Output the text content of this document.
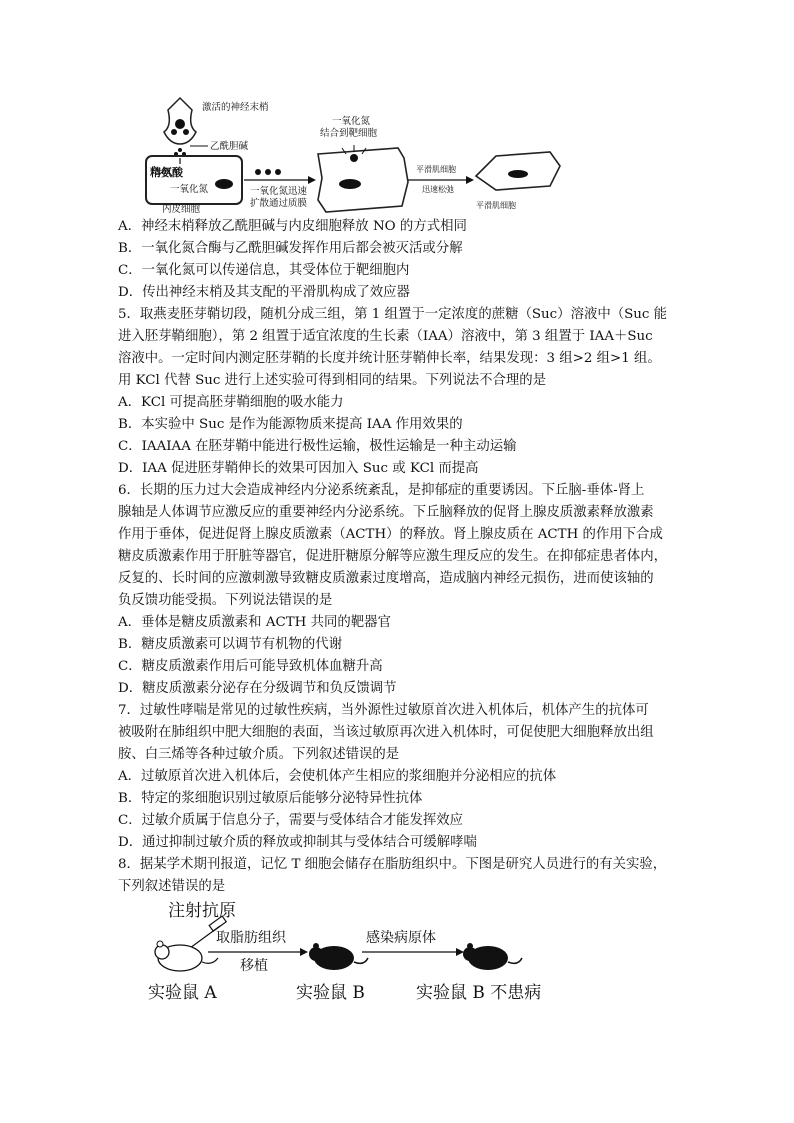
激活的神经末梢
乙酰胆碱
精氨酸
一氧化氮
内皮细胞
一氧化氮迅速
扩散通过质膜
一氧化氮
结合到靶细胞
平滑肌细胞
迅速松弛
平滑肌细胞
A．神经末梢释放乙酰胆碱与内皮细胞释放 NO 的方式相同
B．一氧化氮合酶与乙酰胆碱发挥作用后都会被灭活或分解
C．一氧化氮可以传递信息，其受体位于靶细胞内
D．传出神经末梢及其支配的平滑肌构成了效应器
5．取燕麦胚芽鞘切段，随机分成三组，第 1 组置于一定浓度的蔗糖（Suc）溶液中（Suc 能
进入胚芽鞘细胞），第 2 组置于适宜浓度的生长素（IAA）溶液中，第 3 组置于 IAA＋Suc
溶液中。一定时间内测定胚芽鞘的长度并统计胚芽鞘伸长率，结果发现：3 组>2 组>1 组。
用 KCl 代替 Suc 进行上述实验可得到相同的结果。下列说法不合理的是
A．KCl 可提高胚芽鞘细胞的吸水能力
B．本实验中 Suc 是作为能源物质来提高 IAA 作用效果的
C．IAAIAA 在胚芽鞘中能进行极性运输，极性运输是一种主动运输
D．IAA 促进胚芽鞘伸长的效果可因加入 Suc 或 KCl 而提高
6．长期的压力过大会造成神经内分泌系统紊乱，是抑郁症的重要诱因。下丘脑-垂体-肾上
腺轴是人体调节应激反应的重要神经内分泌系统。下丘脑释放的促肾上腺皮质激素释放激素
作用于垂体，促进促肾上腺皮质激素（ACTH）的释放。肾上腺皮质在 ACTH 的作用下合成
糖皮质激素作用于肝脏等器官，促进肝糖原分解等应激生理反应的发生。在抑郁症患者体内，
反复的、长时间的应激刺激导致糖皮质激素过度增高，造成脑内神经元损伤，进而使该轴的
负反馈功能受损。下列说法错误的是
A．垂体是糖皮质激素和 ACTH 共同的靶器官
B．糖皮质激素可以调节有机物的代谢
C．糖皮质激素作用后可能导致机体血糖升高
D．糖皮质激素分泌存在分级调节和负反馈调节
7．过敏性哮喘是常见的过敏性疾病，当外源性过敏原首次进入机体后，机体产生的抗体可
被吸附在肺组织中肥大细胞的表面，当该过敏原再次进入机体时，可促使肥大细胞释放出组
胺、白三烯等各种过敏介质。下列叙述错误的是
A．过敏原首次进入机体后，会使机体产生相应的浆细胞并分泌相应的抗体
B．特定的浆细胞识别过敏原后能够分泌特异性抗体
C．过敏介质属于信息分子，需要与受体结合才能发挥效应
D．通过抑制过敏介质的释放或抑制其与受体结合可缓解哮喘
8．据某学术期刊报道，记忆 T 细胞会储存在脂肪组织中。下图是研究人员进行的有关实验，
下列叙述错误的是
注射抗原
取脂肪组织
移植
感染病原体
实验鼠 A	实验鼠 B	实验鼠 B 不患病
